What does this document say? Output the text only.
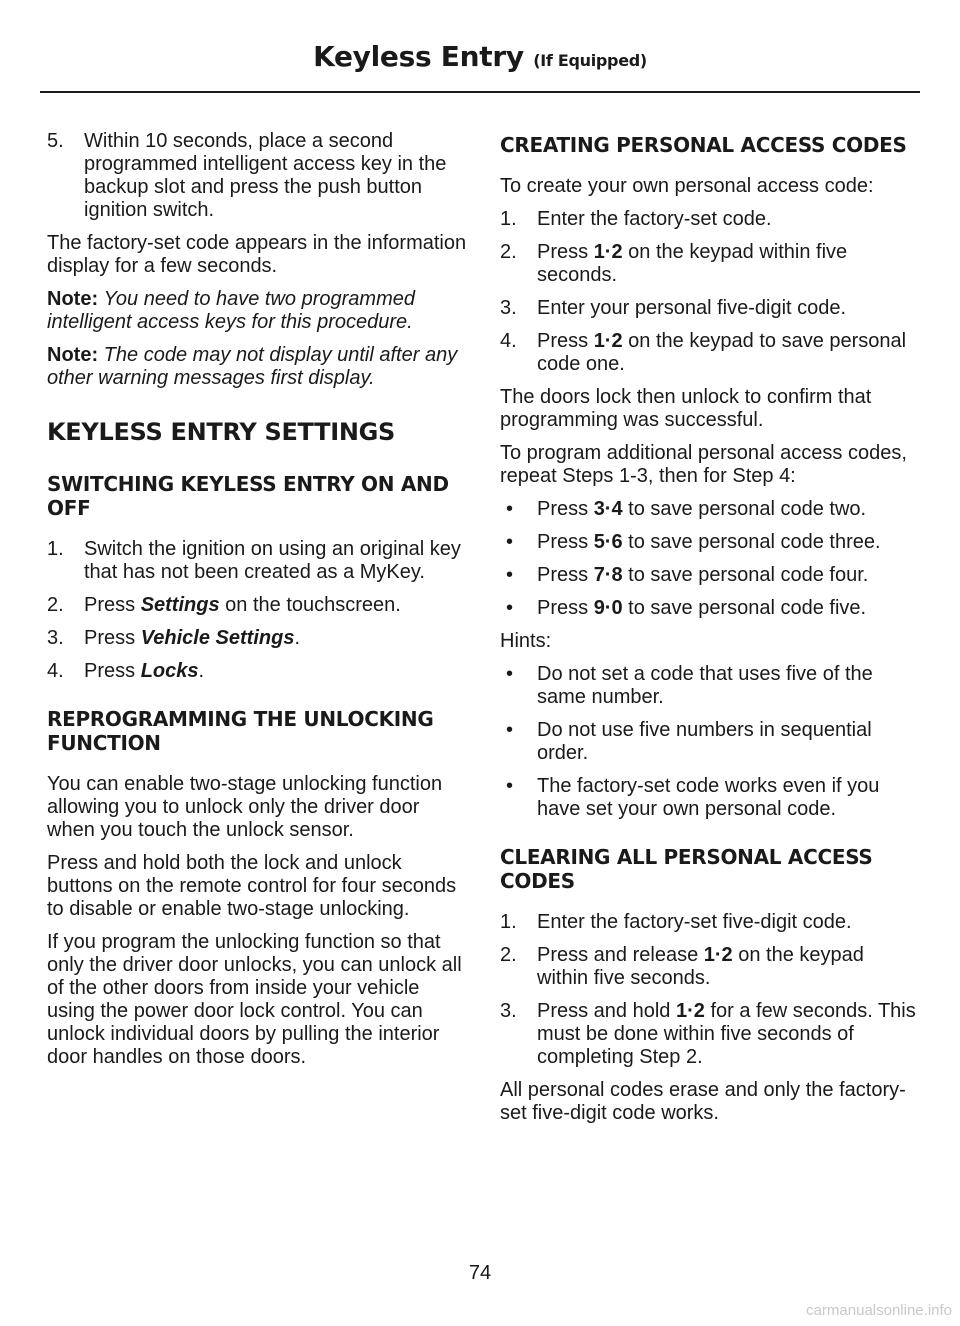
Keyless Entry (If Equipped)
5. Within 10 seconds, place a second programmed intelligent access key in the backup slot and press the push button ignition switch.

The factory-set code appears in the information display for a few seconds.

Note: You need to have two programmed intelligent access keys for this procedure.

Note: The code may not display until after any other warning messages first display.

KEYLESS ENTRY SETTINGS
SWITCHING KEYLESS ENTRY ON AND OFF
1. Switch the ignition on using an original key that has not been created as a MyKey.
2. Press Settings on the touchscreen.
3. Press Vehicle Settings.
4. Press Locks.
REPROGRAMMING THE UNLOCKING FUNCTION

You can enable two-stage unlocking function allowing you to unlock only the driver door when you touch the unlock sensor.

Press and hold both the lock and unlock buttons on the remote control for four seconds to disable or enable two-stage unlocking.

If you program the unlocking function so that only the driver door unlocks, you can unlock all of the other doors from inside your vehicle using the power door lock control. You can unlock individual doors by pulling the interior door handles on those doors.

CREATING PERSONAL ACCESS CODES

To create your own personal access code:

1. Enter the factory-set code.
2. Press 1·2 on the keypad within five seconds.
3. Enter your personal five-digit code.
4. Press 1·2 on the keypad to save personal code one.

The doors lock then unlock to confirm that programming was successful.

To program additional personal access codes, repeat Steps 1-3, then for Step 4:

• Press 3·4 to save personal code two.
• Press 5·6 to save personal code three.
• Press 7·8 to save personal code four.
• Press 9·0 to save personal code five.

Hints:

• Do not set a code that uses five of the same number.
• Do not use five numbers in sequential order.
• The factory-set code works even if you have set your own personal code.
CLEARING ALL PERSONAL ACCESS CODES
1. Enter the factory-set five-digit code.
2. Press and release 1·2 on the keypad within five seconds.
3. Press and hold 1·2 for a few seconds. This must be done within five seconds of completing Step 2.

All personal codes erase and only the factory-set five-digit code works.

74
carmanualsonline.info
